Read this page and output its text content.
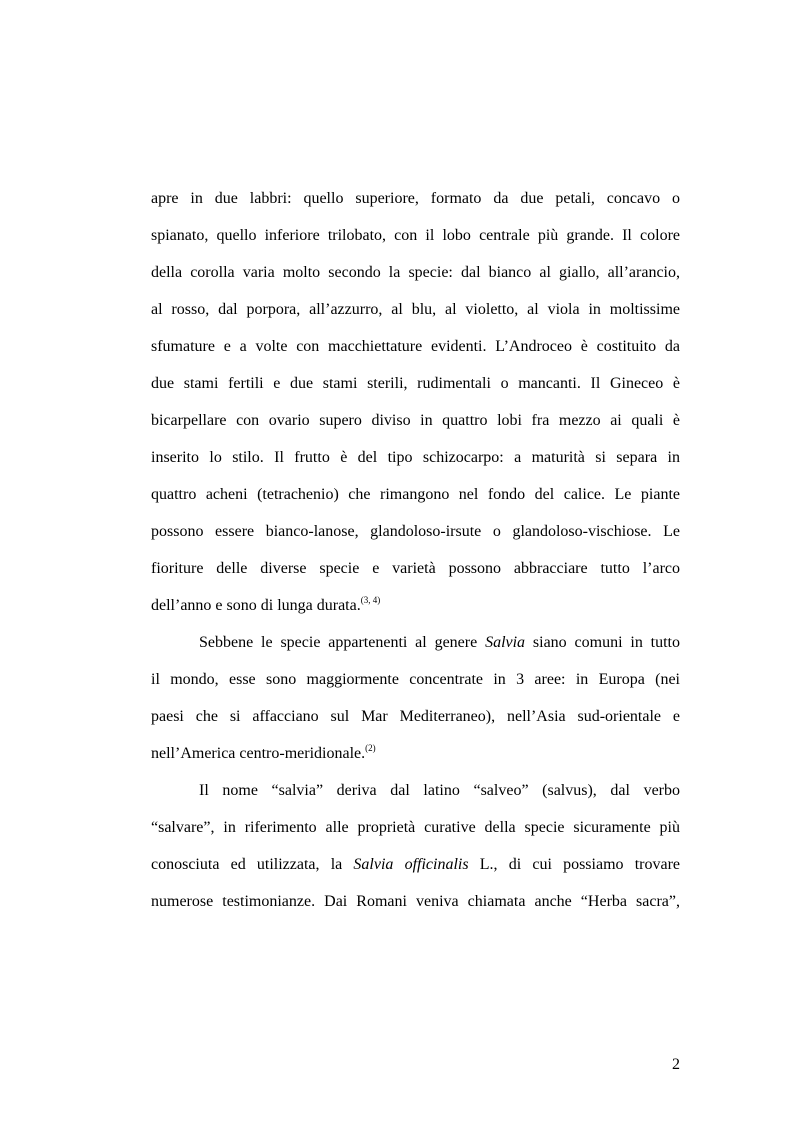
apre in due labbri: quello superiore, formato da due petali, concavo o
spianato, quello inferiore trilobato, con il lobo centrale più grande. Il colore
della corolla varia molto secondo la specie: dal bianco al giallo, all’arancio,
al rosso, dal porpora, all’azzurro, al blu, al violetto, al viola in moltissime
sfumature e a volte con macchiettature evidenti. L’Androceo è costituito da
due stami fertili e due stami sterili, rudimentali o mancanti. Il Gineceo è
bicarpellare con ovario supero diviso in quattro lobi fra mezzo ai quali è
inserito lo stilo. Il frutto è del tipo schizocarpo: a maturità si separa in
quattro acheni (tetrachenio) che rimangono nel fondo del calice. Le piante
possono essere bianco-lanose, glandoloso-irsute o glandoloso-vischiose. Le
fioriture delle diverse specie e varietà possono abbracciare tutto l’arco
dell’anno e sono di lunga durata.$^{(3, 4)}$
Sebbene le specie appartenenti al genere Salvia siano comuni in tutto
il mondo, esse sono maggiormente concentrate in 3 aree: in Europa (nei
paesi che si affacciano sul Mar Mediterraneo), nell’Asia sud-orientale e
nell’America centro-meridionale.$^{(2)}$
Il nome “salvia” deriva dal latino “salveo” (salvus), dal verbo
“salvare”, in riferimento alle proprietà curative della specie sicuramente più
conosciuta ed utilizzata, la Salvia officinalis L., di cui possiamo trovare
numerose testimonianze. Dai Romani veniva chiamata anche “Herba sacra”,
2
